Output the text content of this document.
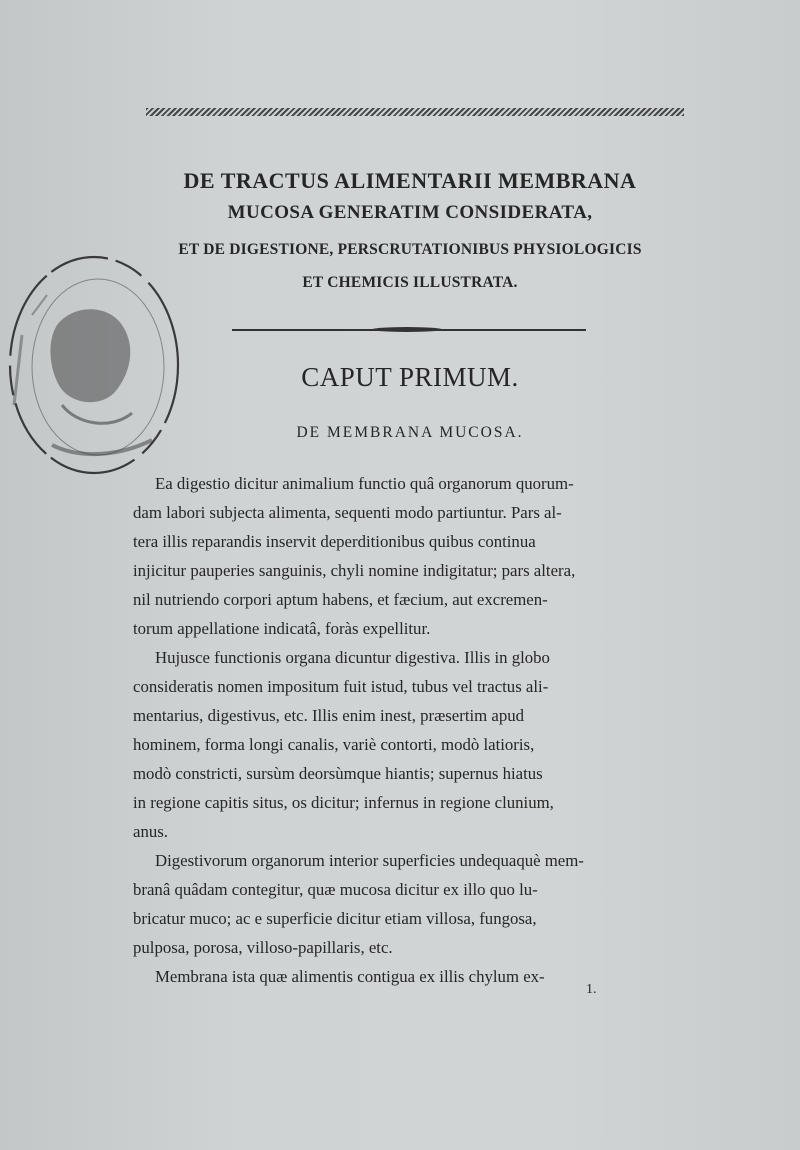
DE TRACTUS ALIMENTARII MEMBRANA
MUCOSA GENERATIM CONSIDERATA,
ET DE DIGESTIONE, PERSCRUTATIONIBUS PHYSIOLOGICIS
ET CHEMICIS ILLUSTRATA.
CAPUT PRIMUM.
DE MEMBRANA MUCOSA.

Ea digestio dicitur animalium functio quâ organorum quorum-

dam labori subjecta alimenta, sequenti modo partiuntur. Pars al-

tera illis reparandis inservit deperditionibus quibus continua

injicitur pauperies sanguinis, chyli nomine indigitatur; pars altera,

nil nutriendo corpori aptum habens, et fæcium, aut excremen-

torum appellatione indicatâ, foràs expellitur.

Hujusce functionis organa dicuntur digestiva. Illis in globo

consideratis nomen impositum fuit istud, tubus vel tractus ali-

mentarius, digestivus, etc. Illis enim inest, præsertim apud

hominem, forma longi canalis, variè contorti, modò latioris,

modò constricti, sursùm deorsùmque hiantis; supernus hiatus

in regione capitis situs, os dicitur; infernus in regione clunium,

anus.

Digestivorum organorum interior superficies undequaquè mem-

branâ quâdam contegitur, quæ mucosa dicitur ex illo quo lu-

bricatur muco; ac e superficie dicitur etiam villosa, fungosa,

pulposa, porosa, villoso-papillaris, etc.

Membrana ista quæ alimentis contigua ex illis chylum ex-

1.
